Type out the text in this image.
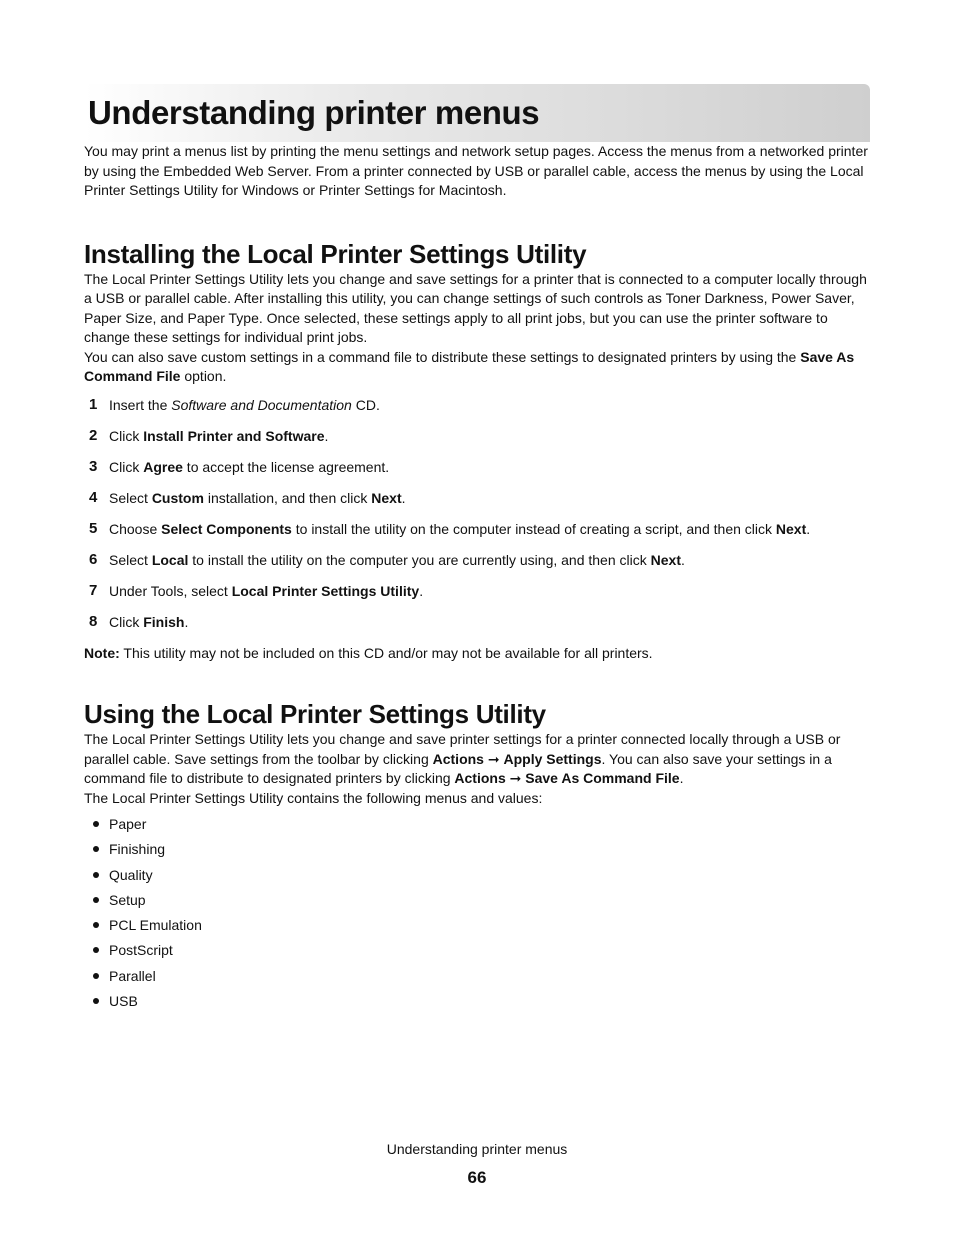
Understanding printer menus

You may print a menus list by printing the menu settings and network setup pages. Access the menus from a networked printer by using the Embedded Web Server. From a printer connected by USB or parallel cable, access the menus by using the Local Printer Settings Utility for Windows or Printer Settings for Macintosh.

Installing the Local Printer Settings Utility

The Local Printer Settings Utility lets you change and save settings for a printer that is connected to a computer locally through a USB or parallel cable. After installing this utility, you can change settings of such controls as Toner Darkness, Power Saver, Paper Size, and Paper Type. Once selected, these settings apply to all print jobs, but you can use the printer software to change these settings for individual print jobs.

You can also save custom settings in a command file to distribute these settings to designated printers by using the Save As Command File option.

1 Insert the Software and Documentation CD.
2 Click Install Printer and Software.
3 Click Agree to accept the license agreement.
4 Select Custom installation, and then click Next.
5 Choose Select Components to install the utility on the computer instead of creating a script, and then click Next.
6 Select Local to install the utility on the computer you are currently using, and then click Next.
7 Under Tools, select Local Printer Settings Utility.
8 Click Finish.

Note: This utility may not be included on this CD and/or may not be available for all printers.

Using the Local Printer Settings Utility

The Local Printer Settings Utility lets you change and save printer settings for a printer connected locally through a USB or parallel cable. Save settings from the toolbar by clicking Actions ➞ Apply Settings. You can also save your settings in a command file to distribute to designated printers by clicking Actions ➞ Save As Command File.

The Local Printer Settings Utility contains the following menus and values:

Paper
Finishing
Quality
Setup
PCL Emulation
PostScript
Parallel
USB
Understanding printer menus
66
